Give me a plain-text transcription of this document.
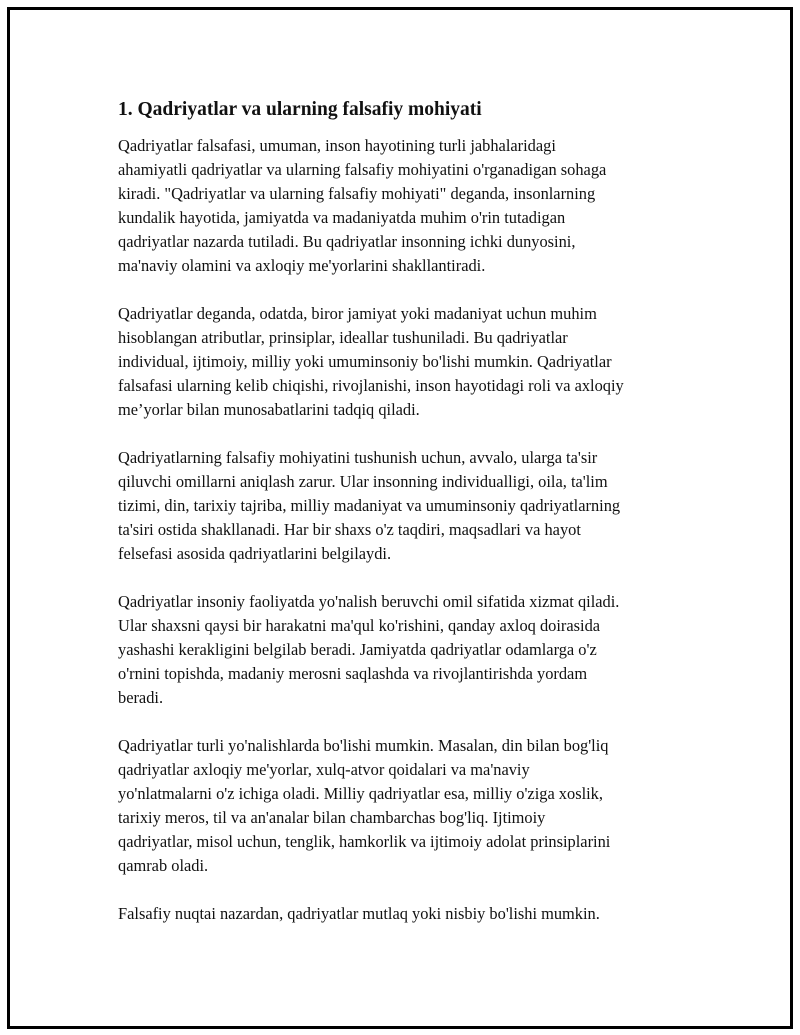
1. Qadriyatlar va ularning falsafiy mohiyati

Qadriyatlar falsafasi, umuman, inson hayotining turli jabhalaridagi
ahamiyatli qadriyatlar va ularning falsafiy mohiyatini o'rganadigan sohaga
kiradi. "Qadriyatlar va ularning falsafiy mohiyati" deganda, insonlarning
kundalik hayotida, jamiyatda va madaniyatda muhim o'rin tutadigan
qadriyatlar nazarda tutiladi. Bu qadriyatlar insonning ichki dunyosini,
ma'naviy olamini va axloqiy me'yorlarini shakllantiradi.

Qadriyatlar deganda, odatda, biror jamiyat yoki madaniyat uchun muhim
hisoblangan atributlar, prinsiplar, ideallar tushuniladi. Bu qadriyatlar
individual, ijtimoiy, milliy yoki umuminsoniy bo'lishi mumkin. Qadriyatlar
falsafasi ularning kelib chiqishi, rivojlanishi, inson hayotidagi roli va axloqiy
me’yorlar bilan munosabatlarini tadqiq qiladi.

Qadriyatlarning falsafiy mohiyatini tushunish uchun, avvalo, ularga ta'sir
qiluvchi omillarni aniqlash zarur. Ular insonning individualligi, oila, ta'lim
tizimi, din, tarixiy tajriba, milliy madaniyat va umuminsoniy qadriyatlarning
ta'siri ostida shakllanadi. Har bir shaxs o'z taqdiri, maqsadlari va hayot
felsefasi asosida qadriyatlarini belgilaydi.

Qadriyatlar insoniy faoliyatda yo'nalish beruvchi omil sifatida xizmat qiladi.
Ular shaxsni qaysi bir harakatni ma'qul ko'rishini, qanday axloq doirasida
yashashi kerakligini belgilab beradi. Jamiyatda qadriyatlar odamlarga o'z
o'rnini topishda, madaniy merosni saqlashda va rivojlantirishda yordam
beradi.

Qadriyatlar turli yo'nalishlarda bo'lishi mumkin. Masalan, din bilan bog'liq
qadriyatlar axloqiy me'yorlar, xulq-atvor qoidalari va ma'naviy
yo'nlatmalarni o'z ichiga oladi. Milliy qadriyatlar esa, milliy o'ziga xoslik,
tarixiy meros, til va an'analar bilan chambarchas bog'liq. Ijtimoiy
qadriyatlar, misol uchun, tenglik, hamkorlik va ijtimoiy adolat prinsiplarini
qamrab oladi.

Falsafiy nuqtai nazardan, qadriyatlar mutlaq yoki nisbiy bo'lishi mumkin.
